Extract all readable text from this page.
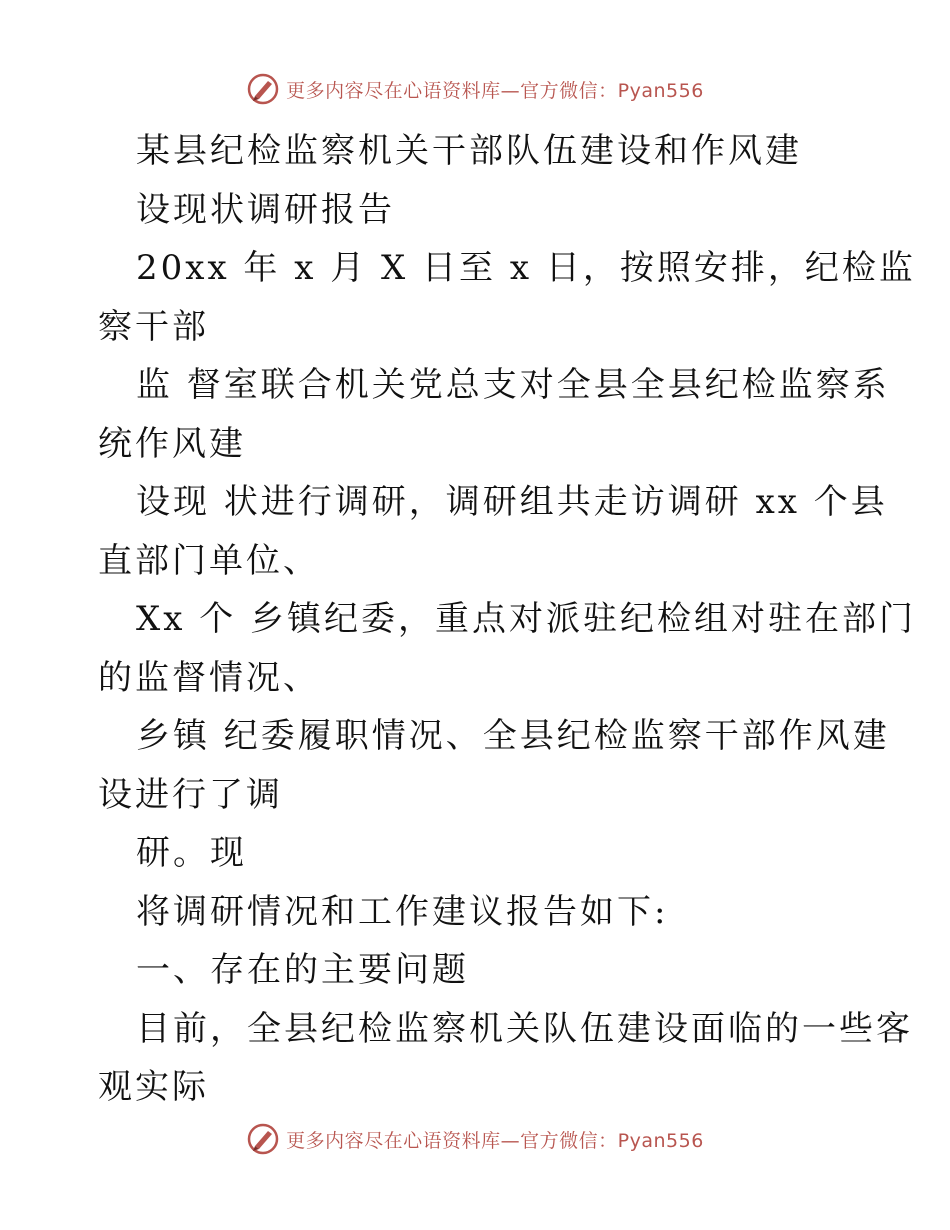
更多内容尽在心语资料库—官方微信：Pyan556
某县纪检监察机关干部队伍建设和作风建
设现状调研报告
20xx 年 x 月 X 日至 x 日，按照安排，纪检监
察干部
监 督室联合机关党总支对全县全县纪检监察系
统作风建
设现 状进行调研，调研组共走访调研 xx 个县
直部门单位、
Xx 个 乡镇纪委，重点对派驻纪检组对驻在部门
的监督情况、
乡镇 纪委履职情况、全县纪检监察干部作风建
设进行了调
研。现
将调研情况和工作建议报告如下:
一、存在的主要问题
目前，全县纪检监察机关队伍建设面临的一些客
观实际
更多内容尽在心语资料库—官方微信：Pyan556
